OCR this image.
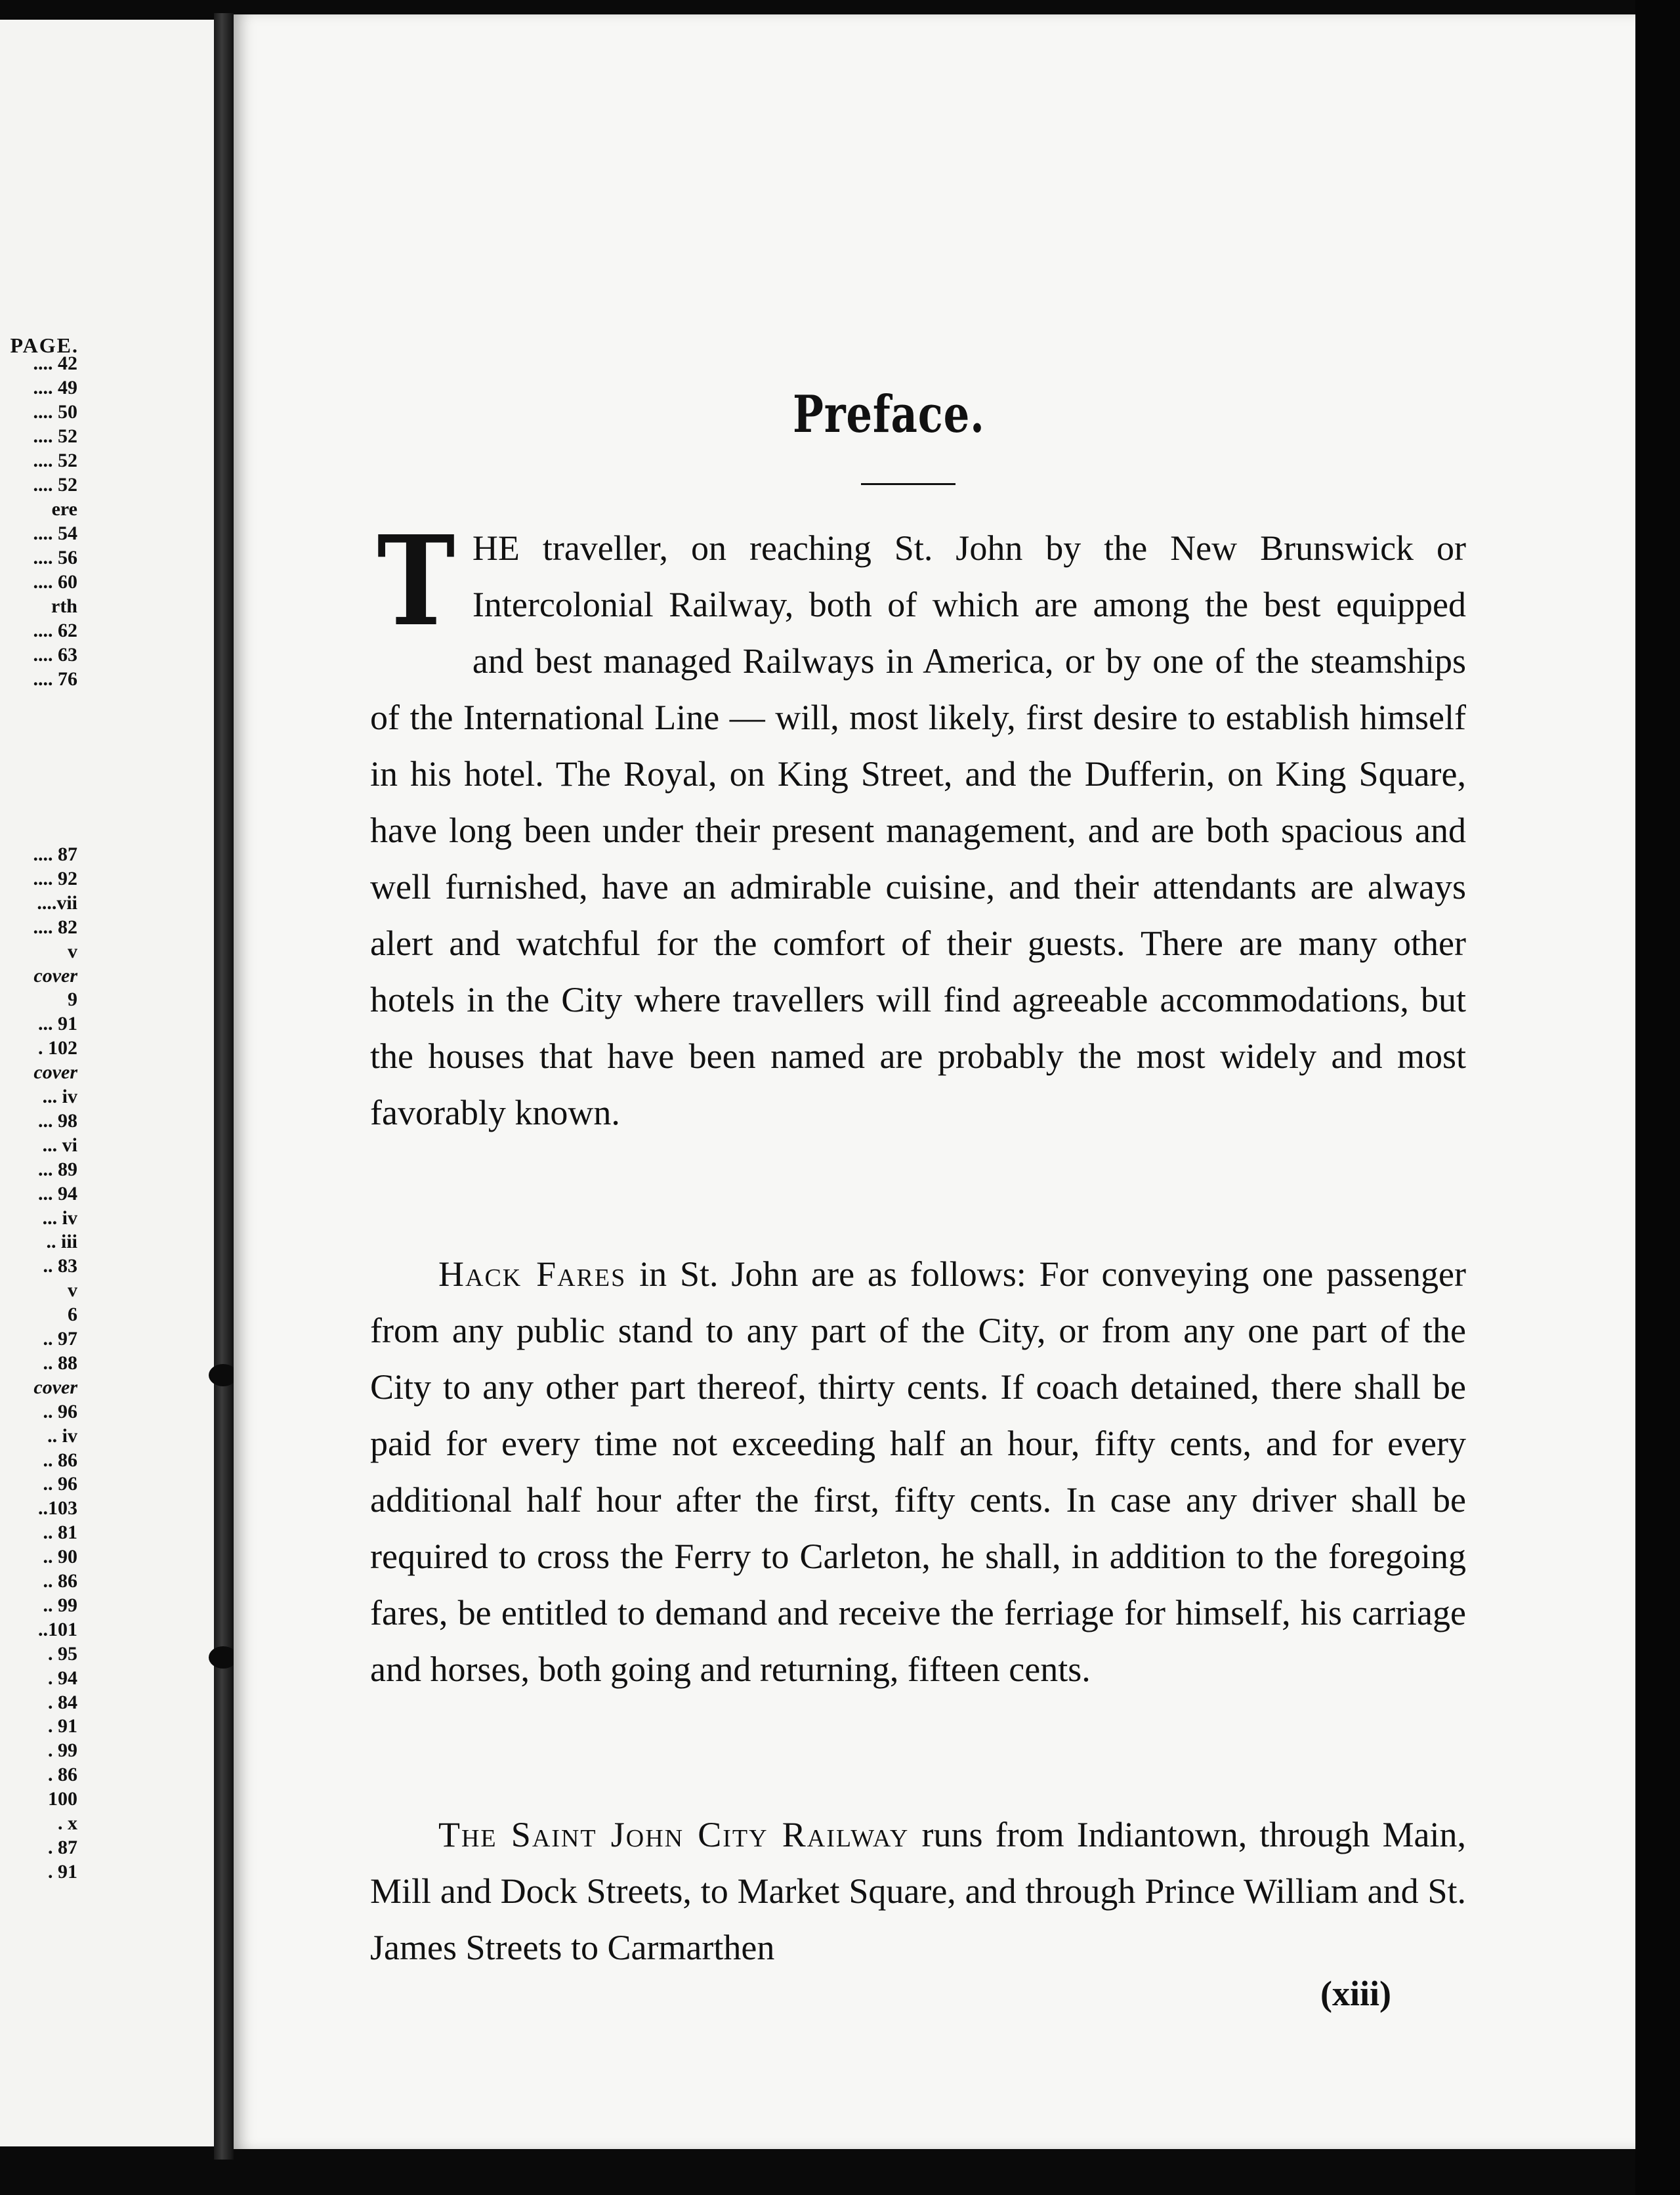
PAGE.
.... 42
.... 49
.... 50
.... 52
.... 52
.... 52
ere
.... 54
.... 56
.... 60
rth
.... 62
.... 63
.... 76
.... 87
.... 92
....vii
.... 82
v
cover
9
... 91
. 102
cover
... iv
... 98
... vi
... 89
... 94
... iv
.. iii
.. 83
v
6
.. 97
.. 88
cover
.. 96
.. iv
.. 86
.. 96
..103
.. 81
.. 90
.. 86
.. 99
..101
. 95
. 94
. 84
. 91
. 99
. 86
100
. x
. 87
. 91
Preface.
THE traveller, on reaching St. John by the New Brunswick or Intercolonial Railway, both of which are among the best equipped and best managed Railways in America, or by one of the steamships of the International Line — will, most likely, first desire to establish himself in his hotel. The Royal, on King Street, and the Dufferin, on King Square, have long been under their present management, and are both spacious and well furnished, have an admirable cuisine, and their attendants are always alert and watchful for the comfort of their guests. There are many other hotels in the City where travellers will find agreeable accommodations, but the houses that have been named are probably the most widely and most favorably known.
Hack Fares in St. John are as follows: For conveying one passenger from any public stand to any part of the City, or from any one part of the City to any other part thereof, thirty cents. If coach detained, there shall be paid for every time not exceeding half an hour, fifty cents, and for every additional half hour after the first, fifty cents. In case any driver shall be required to cross the Ferry to Carleton, he shall, in addition to the foregoing fares, be entitled to demand and receive the ferriage for himself, his carriage and horses, both going and returning, fifteen cents.
The Saint John City Railway runs from Indiantown, through Main, Mill and Dock Streets, to Market Square, and through Prince William and St. James Streets to Carmarthen
(xiii)
